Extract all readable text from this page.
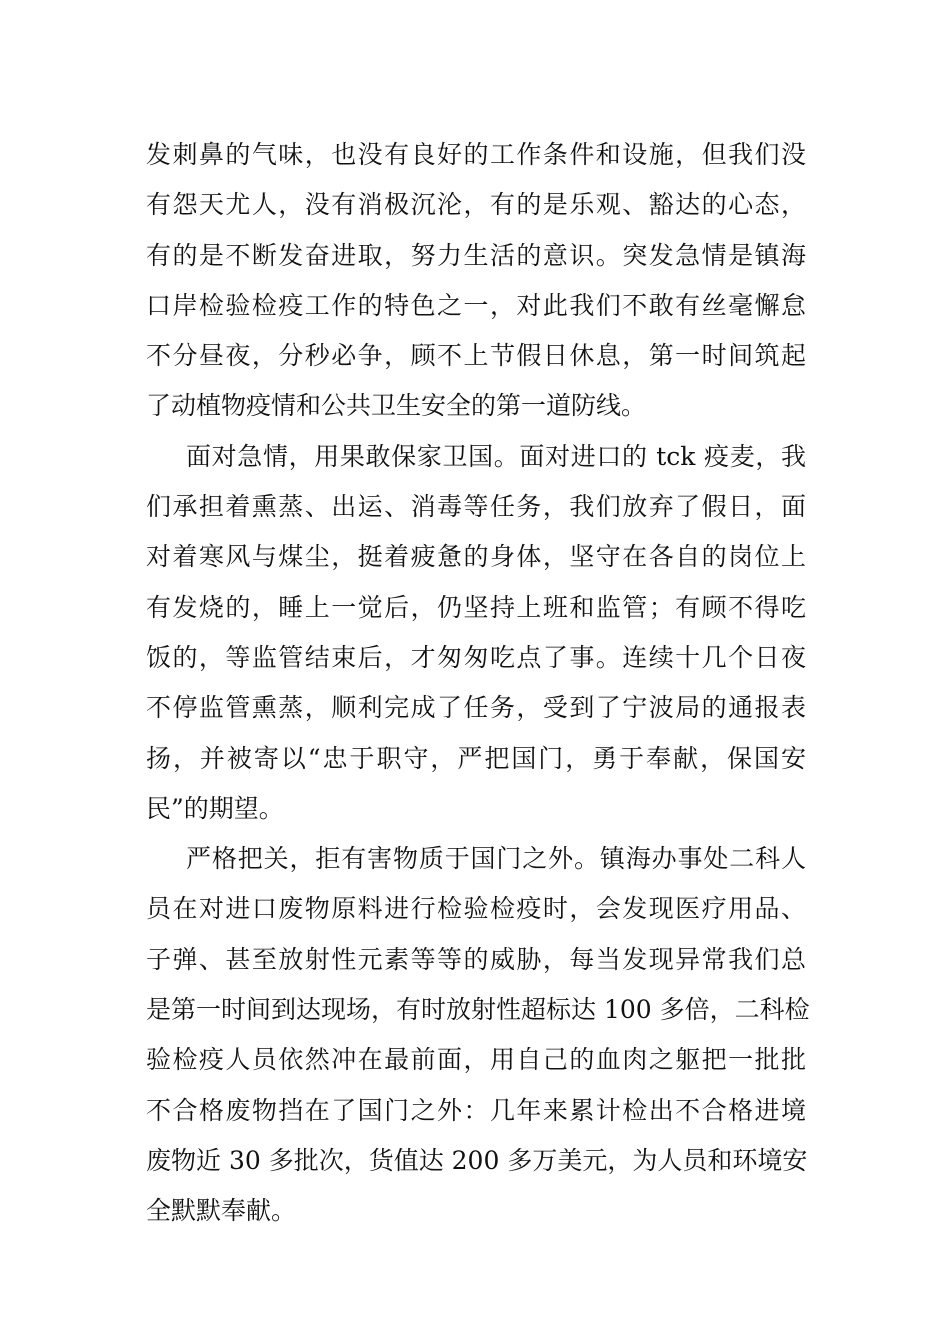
发刺鼻的气味，也没有良好的工作条件和设施，但我们没
有怨天尤人，没有消极沉沦，有的是乐观、豁达的心态，
有的是不断发奋进取，努力生活的意识。突发急情是镇海
口岸检验检疫工作的特色之一，对此我们不敢有丝毫懈怠
不分昼夜，分秒必争，顾不上节假日休息，第一时间筑起
了动植物疫情和公共卫生安全的第一道防线。
面对急情，用果敢保家卫国。面对进口的 tck 疫麦，我
们承担着熏蒸、出运、消毒等任务，我们放弃了假日，面
对着寒风与煤尘，挺着疲惫的身体，坚守在各自的岗位上
有发烧的，睡上一觉后，仍坚持上班和监管；有顾不得吃
饭的，等监管结束后，才匆匆吃点了事。连续十几个日夜
不停监管熏蒸，顺利完成了任务，受到了宁波局的通报表
扬，并被寄以“忠于职守，严把国门，勇于奉献，保国安
民”的期望。
严格把关，拒有害物质于国门之外。镇海办事处二科人
员在对进口废物原料进行检验检疫时，会发现医疗用品、
子弹、甚至放射性元素等等的威胁，每当发现异常我们总
是第一时间到达现场，有时放射性超标达 100 多倍，二科检
验检疫人员依然冲在最前面，用自己的血肉之躯把一批批
不合格废物挡在了国门之外：几年来累计检出不合格进境
废物近 30 多批次，货值达 200 多万美元，为人员和环境安
全默默奉献。
